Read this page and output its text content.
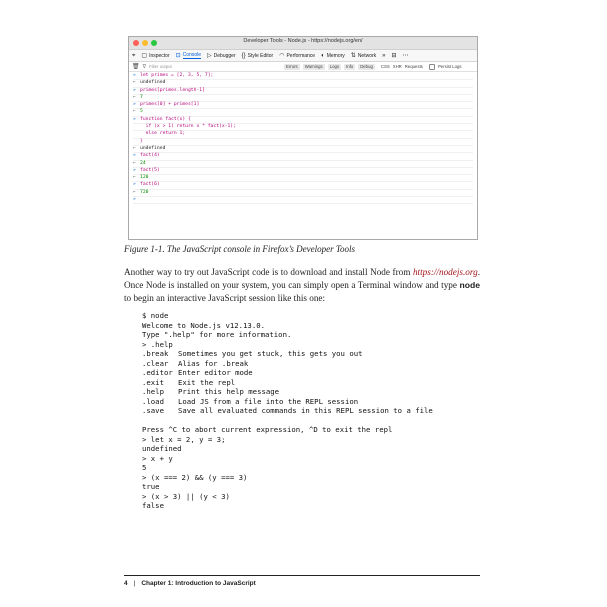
Developer Tools - Node.js - https://nodejs.org/en/
⌖ ▢ Inspector ⊡ Console ▷ Debugger {} Style Editor ◠ Performance ◐ Memory ⇅ Network » ⊟ ⋯
🗑 ∇ Filter output	Errors	Warnings	Logs	Info	Debug	CSS XHR Requests	Persist Logs
» let primes = [2, 3, 5, 7];
← undefined
» primes[primes.length-1]
← 7
» primes[0] + primes[1]
← 5
» function fact(x) {

if (x > 1) return x * fact(x-1);

else return 1;

}
← undefined
» fact(4)
← 24
» fact(5)
← 120
» fact(6)
← 720
»
Figure 1-1. The JavaScript console in Firefox’s Developer Tools
Another way to try out JavaScript code is to download and install Node from https://nodejs.org. Once Node is installed on your system, you can simply open a Terminal window and type node to begin an interactive JavaScript session like this one:
$ node
Welcome to Node.js v12.13.0.
Type ".help" for more information.
> .help
.break	Sometimes you get stuck, this gets you out
.clear	Alias for .break
.editor Enter editor mode
.exit	Exit the repl
.help	Print this help message
.load	Load JS from a file into the REPL session
.save	Save all evaluated commands in this REPL session to a file
Press ^C to abort current expression, ^D to exit the repl
> let x = 2, y = 3;
undefined
> x + y
5
> (x === 2) && (y === 3)
true
> (x > 3) || (y < 3)
false
4 | Chapter 1: Introduction to JavaScript
